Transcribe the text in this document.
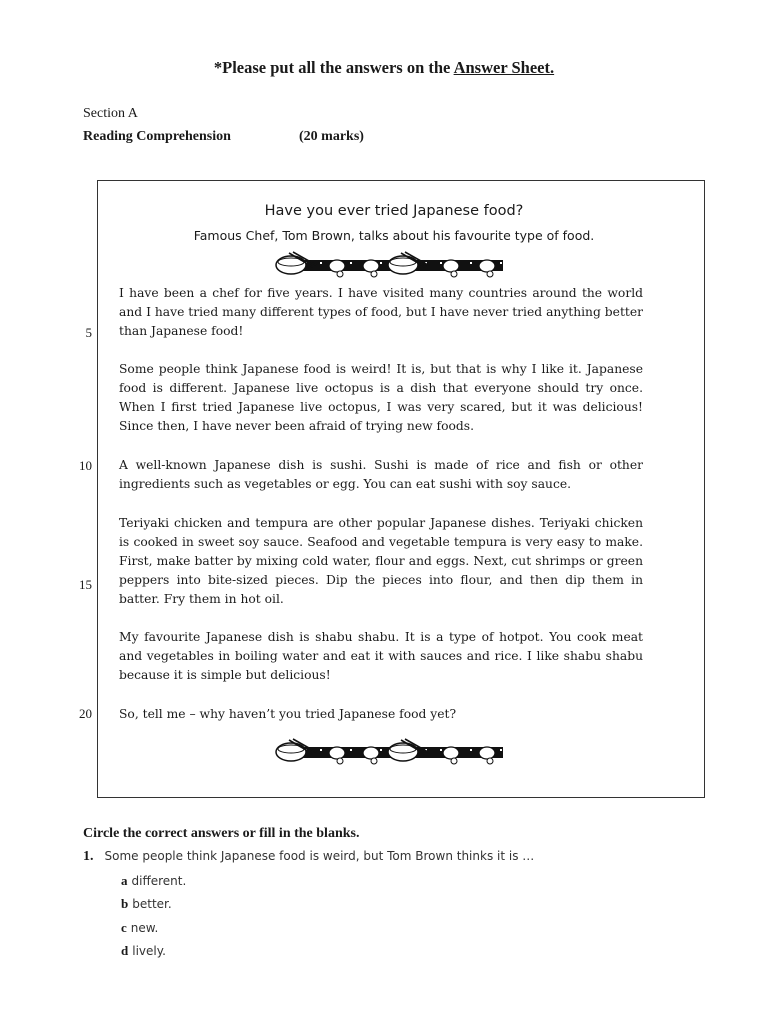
*Please put all the answers on the Answer Sheet.
Section A
Reading Comprehension	(20 marks)
Have you ever tried Japanese food?
Famous Chef, Tom Brown, talks about his favourite type of food.
I have been a chef for five years. I have visited many countries around the world and I have tried many different types of food, but I have never tried anything better than Japanese food!
Some people think Japanese food is weird! It is, but that is why I like it. Japanese food is different. Japanese live octopus is a dish that everyone should try once. When I first tried Japanese live octopus, I was very scared, but it was delicious! Since then, I have never been afraid of trying new foods.
A well-known Japanese dish is sushi. Sushi is made of rice and fish or other ingredients such as vegetables or egg. You can eat sushi with soy sauce.
Teriyaki chicken and tempura are other popular Japanese dishes. Teriyaki chicken is cooked in sweet soy sauce. Seafood and vegetable tempura is very easy to make. First, make batter by mixing cold water, flour and eggs. Next, cut shrimps or green peppers into bite-sized pieces. Dip the pieces into flour, and then dip them in batter. Fry them in hot oil.
My favourite Japanese dish is shabu shabu. It is a type of hotpot. You cook meat and vegetables in boiling water and eat it with sauces and rice. I like shabu shabu because it is simple but delicious!
So, tell me – why haven’t you tried Japanese food yet?
5
10
15
20
Circle the correct answers or fill in the blanks.
1. Some people think Japanese food is weird, but Tom Brown thinks it is …
a different.
b better.
c new.
d lively.
